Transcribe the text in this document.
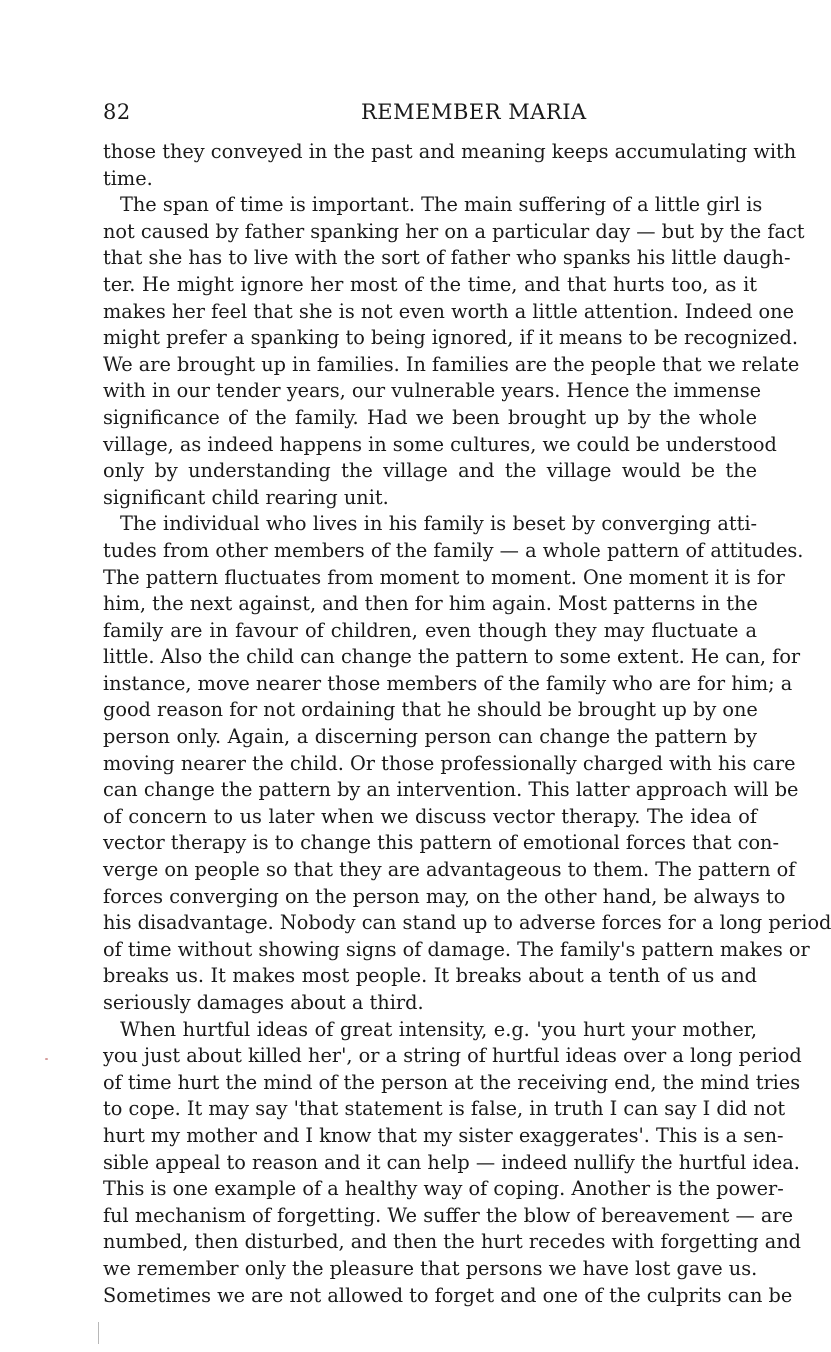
82	REMEMBER MARIA
those they conveyed in the past and meaning keeps accumulating with
time.
The span of time is important. The main suffering of a little girl is
not caused by father spanking her on a particular day — but by the fact
that she has to live with the sort of father who spanks his little daugh-
ter. He might ignore her most of the time, and that hurts too, as it
makes her feel that she is not even worth a little attention. Indeed one
might prefer a spanking to being ignored, if it means to be recognized.
We are brought up in families. In families are the people that we relate
with in our tender years, our vulnerable years. Hence the immense
significance of the family. Had we been brought up by the whole
village, as indeed happens in some cultures, we could be understood
only by understanding the village and the village would be the
significant child rearing unit.
The individual who lives in his family is beset by converging atti-
tudes from other members of the family — a whole pattern of attitudes.
The pattern fluctuates from moment to moment. One moment it is for
him, the next against, and then for him again. Most patterns in the
family are in favour of children, even though they may fluctuate a
little. Also the child can change the pattern to some extent. He can, for
instance, move nearer those members of the family who are for him; a
good reason for not ordaining that he should be brought up by one
person only. Again, a discerning person can change the pattern by
moving nearer the child. Or those professionally charged with his care
can change the pattern by an intervention. This latter approach will be
of concern to us later when we discuss vector therapy. The idea of
vector therapy is to change this pattern of emotional forces that con-
verge on people so that they are advantageous to them. The pattern of
forces converging on the person may, on the other hand, be always to
his disadvantage. Nobody can stand up to adverse forces for a long period
of time without showing signs of damage. The family's pattern makes or
breaks us. It makes most people. It breaks about a tenth of us and
seriously damages about a third.
When hurtful ideas of great intensity, e.g. 'you hurt your mother,
you just about killed her', or a string of hurtful ideas over a long period
of time hurt the mind of the person at the receiving end, the mind tries
to cope. It may say 'that statement is false, in truth I can say I did not
hurt my mother and I know that my sister exaggerates'. This is a sen-
sible appeal to reason and it can help — indeed nullify the hurtful idea.
This is one example of a healthy way of coping. Another is the power-
ful mechanism of forgetting. We suffer the blow of bereavement — are
numbed, then disturbed, and then the hurt recedes with forgetting and
we remember only the pleasure that persons we have lost gave us.
Sometimes we are not allowed to forget and one of the culprits can be
